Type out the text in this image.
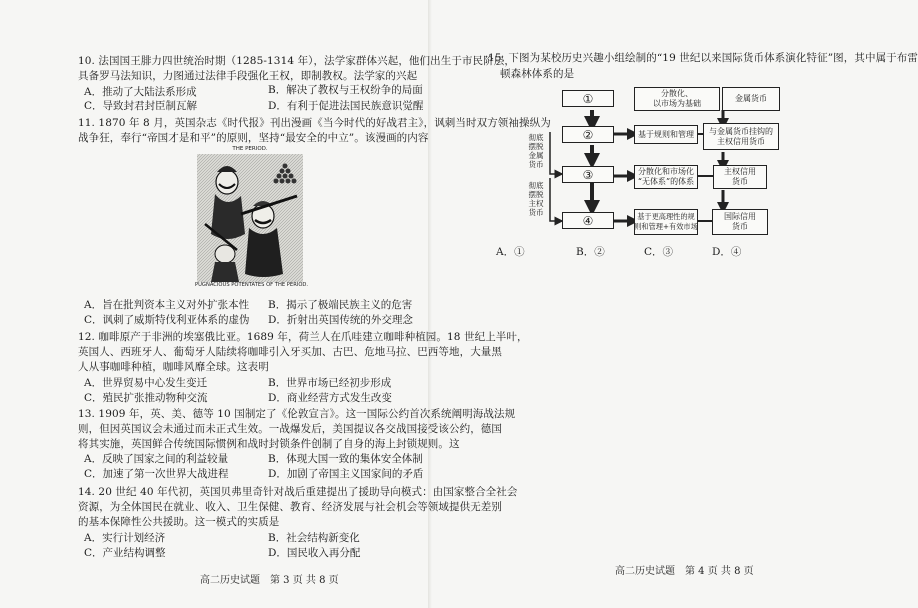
10. 法国国王腓力四世统治时期（1285-1314 年），法学家群体兴起，他们出生于市民阶层，
具备罗马法知识，力图通过法律手段强化王权，即制教权。法学家的兴起
A．推动了大陆法系形成	B．解决了教权与王权纷争的局面
C．导致封君封臣制瓦解	D．有利于促进法国民族意识觉醒
11. 1870 年 8 月，英国杂志《时代报》刊出漫画《当今时代的好战君主》，讽刺当时双方领袖操纵为
战争狂，奉行“帝国才是和平”的原则，坚持“最安全的中立”。该漫画的内容
THE PERIOD.
PUGNACIOUS POTENTATES OF THE PERIOD.
A．旨在批判资本主义对外扩张本性 B．揭示了极端民族主义的危害
C．讽刺了威斯特伐利亚体系的虚伪 D．折射出英国传统的外交理念
12. 咖啡原产于非洲的埃塞俄比亚。1689 年，荷兰人在爪哇建立咖啡种植园。18 世纪上半叶，
英国人、西班牙人、葡萄牙人陆续将咖啡引入牙买加、古巴、危地马拉、巴西等地，大量黑
人从事咖啡种植，咖啡风靡全球。这表明
A．世界贸易中心发生变迁	B．世界市场已经初步形成
C．殖民扩张推动物种交流	D．商业经营方式发生改变
13. 1909 年，英、美、德等 10 国制定了《伦敦宣言》。这一国际公约首次系统阐明海战法规
则，但因英国议会未通过而未正式生效。一战爆发后，美国提议各交战国接受该公约，德国
将其实施，英国鲜合传统国际惯例和战时封锁条件创制了自身的海上封锁规则。这
A．反映了国家之间的利益较量	B．体现大国一致的集体安全体制
C．加速了第一次世界大战进程	D．加剧了帝国主义国家间的矛盾
14. 20 世纪 40 年代初，英国贝弗里奇针对战后重建提出了援助导向模式：由国家整合全社会
资源，为全体国民在就业、收入、卫生保健、教育、经济发展与社会机会等领域提供无差别
的基本保障性公共援助。这一模式的实质是
A．实行计划经济	B．社会结构新变化
C．产业结构调整	D．国民收入再分配
高二历史试题　第 3 页 共 8 页
15. 下图为某校历史兴趣小组绘制的“19 世纪以来国际货币体系演化特征”图，其中属于布雷
顿森林体系的是
①	分散化、
以市场为基础
金属货币
②	基于规则和管理	与金属货币挂钩的
主权信用货币
③	分散化和市场化
“无体系”的体系
主权信用
货币
④	基于更高理性的规
则和管理+有效市场
国际信用
货币
彻底
摆脱
金属
货币
彻底
摆脱
主权
货币
A．①	B．②	C．③	D．④
高二历史试题　第 4 页 共 8 页
